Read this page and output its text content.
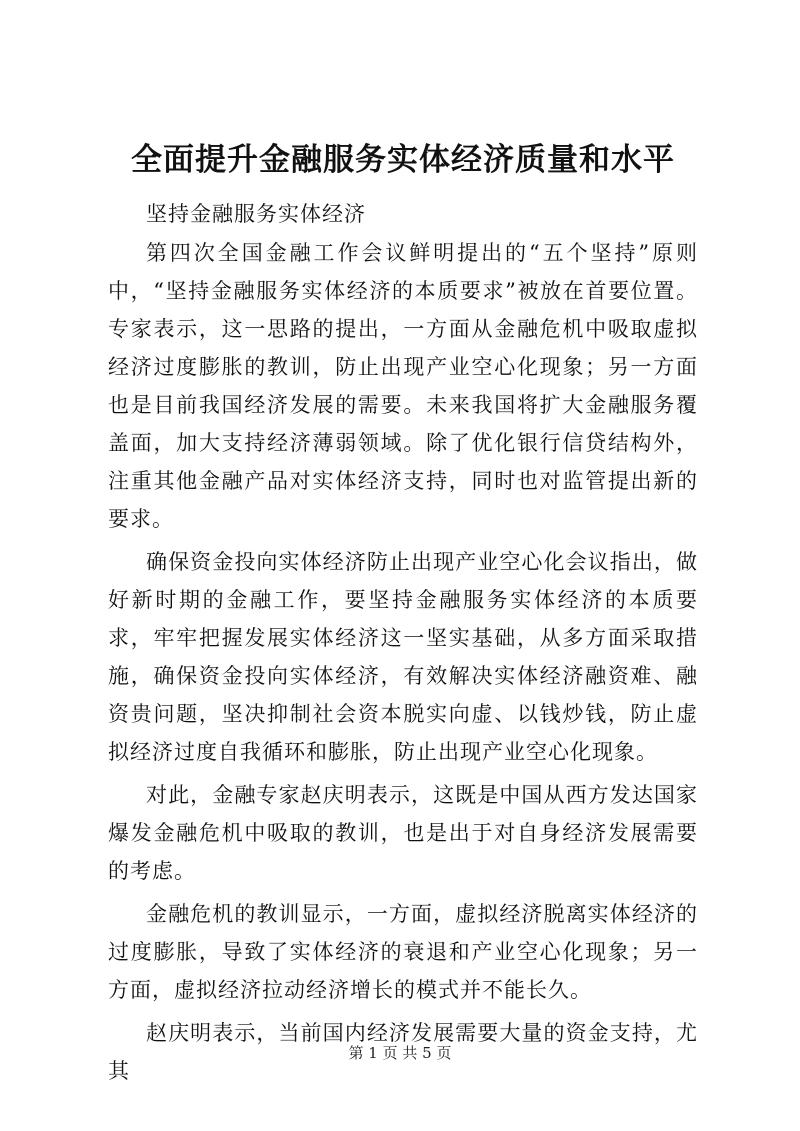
全面提升金融服务实体经济质量和水平

坚持金融服务实体经济

第四次全国金融工作会议鲜明提出的“五个坚持”原则中，“坚持金融服务实体经济的本质要求”被放在首要位置。专家表示，这一思路的提出，一方面从金融危机中吸取虚拟经济过度膨胀的教训，防止出现产业空心化现象；另一方面也是目前我国经济发展的需要。未来我国将扩大金融服务覆盖面，加大支持经济薄弱领域。除了优化银行信贷结构外，注重其他金融产品对实体经济支持，同时也对监管提出新的要求。

确保资金投向实体经济防止出现产业空心化会议指出，做好新时期的金融工作，要坚持金融服务实体经济的本质要求，牢牢把握发展实体经济这一坚实基础，从多方面采取措施，确保资金投向实体经济，有效解决实体经济融资难、融资贵问题，坚决抑制社会资本脱实向虚、以钱炒钱，防止虚拟经济过度自我循环和膨胀，防止出现产业空心化现象。

对此，金融专家赵庆明表示，这既是中国从西方发达国家爆发金融危机中吸取的教训，也是出于对自身经济发展需要的考虑。

金融危机的教训显示，一方面，虚拟经济脱离实体经济的过度膨胀，导致了实体经济的衰退和产业空心化现象；另一方面，虚拟经济拉动经济增长的模式并不能长久。

赵庆明表示，当前国内经济发展需要大量的资金支持，尤其

第 1 页 共 5 页
